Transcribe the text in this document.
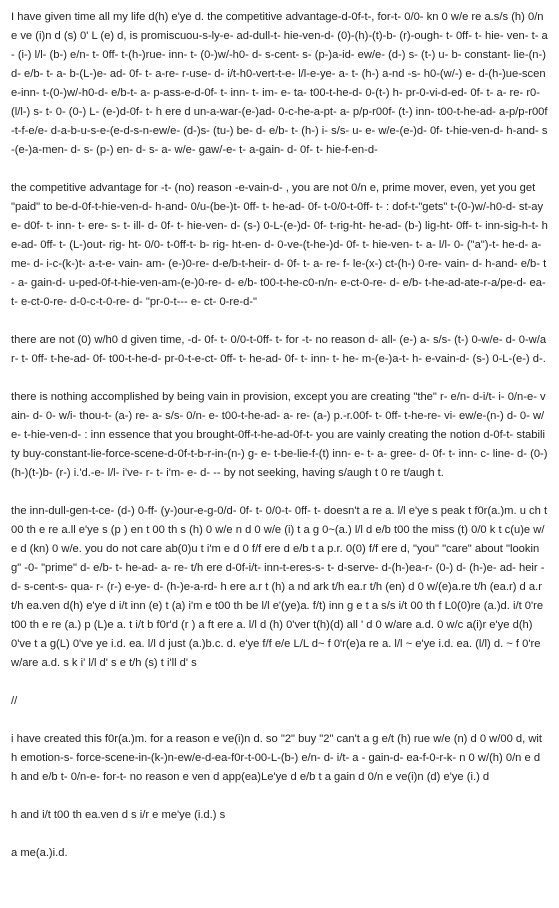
I have given time all my life d(h) e'ye d. the competitive advantage-d-0f-t-, for-t- 0/0- kn 0 w/e re a.s/s (h) 0/n e ve (i)n d (s) 0' L (e) d, is promiscuou-s-ly-e- ad-dull-t- hie-ven-d- (0)-(h)-(t)-b- (r)-ough- t- 0ff- t- hie- ven- t- a- (i-) l/l- (b-) e/n- t- 0ff- t-(h-)rue- inn- t- (0-)w/-h0- d- s-cent- s- (p-)a-id- ew/e- (d-) s- (t-) u- b- constant- lie-(n-) d- e/b- t- a- b-(L-)e- ad- 0f- t- a-re- r-use- d- i/t-h0-vert-t-e- l/l-e-ye- a- t- (h-) a-nd -s- h0-(w/-) e- d-(h-)ue-scene-inn- t-(0-)w/-h0-d- e/b-t- a- p-ass-e-d-0f- t- inn- t- im- e- ta- t00-t-he-d- 0-(t-) h- pr-0-vi-d-ed- 0f- t- a- re- r0-(l/l-) s- t- 0- (0-) L- (e-)d-0f- t- h ere d un-a-war-(e-)ad- 0-c-he-a-pt- a- p/p-r00f- (t-) inn- t00-t-he-ad- a-p/p-r00f-t-f-e/e- d-a-b-u-s-e-(e-d-s-n-ew/e- (d-)s- (tu-) be- d- e/b- t- (h-) i- s/s- u- e- w/e-(e-)d- 0f- t-hie-ven-d- h-and- s-(e-)a-men- d- s- (p-) en- d- s- a- w/e- gaw/-e- t- a-gain- d- 0f- t- hie-f-en-d-

the competitive advantage for -t- (no) reason -e-vain-d- , you are not 0/n e, prime mover, even, yet you get "paid" to be-d-0f-t-hie-ven-d- h-and- 0/u-(be-)t- 0ff- t- he-ad- 0f- t-0/0-t-0ff- t- : dof-t-"gets" t-(0-)w/-h0-d- st-aye- d0f- t- inn- t- ere- s- t- ill- d- 0f- t- hie-ven- d- (s-) 0-L-(e-)d- 0f- t-rig-ht- he-ad- (b-) lig-ht- 0ff- t- inn-sig-h-t- he-ad- 0ff- t- (L-)out- rig- ht- 0/0- t-0ff-t- b- rig- ht-en- d- 0-ve-(t-he-)d- 0f- t- hie-ven- t- a- l/l- 0- ("a")-t- he-d- a- me- d- i-c-(k-)t- a-t-e- vain- am- (e-)0-re- d-e/b-t-heir- d- 0f- t- a- re- f- le-(x-) ct-(h-) 0-re- vain- d- h-and- e/b- t- a- gain-d- u-ped-0f-t-hie-ven-am-(e-)0-re- d- e/b- t00-t-he-c0-n/n- e-ct-0-re- d- e/b- t-he-ad-ate-r-a/pe-d- ea-t- e-ct-0-re- d-0-c-t-0-re- d- "pr-0-t--- e- ct- 0-re-d-"

there are not (0) w/h0 d given time, -d- 0f- t- 0/0-t-0ff- t- for -t- no reason d- all- (e-) a- s/s- (t-) 0-w/e- d- 0-w/ar- t- 0ff- t-he-ad- 0f- t00-t-he-d- pr-0-t-e-ct- 0ff- t- he-ad- 0f- t- inn- t- he- m-(e-)a-t- h- e-vain-d- (s-) 0-L-(e-) d-.

there is nothing accomplished by being vain in provision, except you are creating "the" r- e/n- d-i/t- i- 0/n-e- vain- d- 0- w/i- thou-t- (a-) re- a- s/s- 0/n- e- t00-t-he-ad- a- re- (a-) p.-r.00f- t- 0ff- t-he-re- vi- ew/e-(n-) d- 0- w/e- t-hie-ven-d- : inn essence that you brought-0ff-t-he-ad-0f-t- you are vainly creating the notion d-0f-t- stability buy-constant-lie-force-scene-d-0f-t-b-r-in-(n-) g- e- t-be-lie-f-(t) inn- e- t- a- gree- d- 0f- t- inn- c- line- d- (0-)(h-)(t-)b- (r-) i.'d.-e- l/l- i've- r- t- i'm- e- d- -- by not seeking, having s/augh t 0 re t/augh t.

the inn-dull-gen-t-ce- (d-) 0-ff- (y-)our-e-g-0/d- 0f- t- 0/0-t- 0ff- t- doesn't a re a. l/l e'ye s peak t f0r(a.)m. u ch t 00 th e re a.ll e'ye s (p ) en t 00 th s (h) 0 w/e n d 0 w/e (i) t a g 0~(a.) l/l d e/b t00 the miss (t) 0/0 k t c(u)e w/e d (kn) 0 w/e. you do not care ab(0)u t i'm e d 0 f/f ere d e/b t a p.r. 0(0) f/f ere d, "you" "care" about "looking" -0- "prime" d- e/b- t- he-ad- a- re- t/h ere d-0f-i/t- inn-t-eres-s- t- d-serve- d-(h-)ea-r- (0-) d- (h-)e- ad- heir -d- s-cent-s- qua- r- (r-) e-ye- d- (h-)e-a-rd- h ere a.r t (h) a nd ark t/h ea.r t/h (en) d 0 w/(e)a.re t/h (ea.r) d a.r t/h ea.ven d(h) e'ye d i/t inn (e) t (a) i'm e t00 th be l/l e'(ye)a. f/t) inn g e t a s/s i/t 00 th f L0(0)re (a.)d. i/t 0're t00 th e re (a.) p (L)e a. t i/t b f0r'd (r ) a ft ere a. l/l d (h) 0'ver t(h)(d) all ' d 0 w/are a.d. 0 w/c a(i)r e'ye d(h) 0've t a g(L) 0've ye i.d. ea. l/l d just (a.)b.c. d. e'ye f/f e/e L/L d~ f 0'r(e)a re a. l/l ~ e'ye i.d. ea. (l/l) d. ~ f 0're w/are a.d. s k i' l/l d' s e t/h (s) t i'll d' s

//

i have created this f0r(a.)m. for a reason e ve(i)n d. so "2" buy "2" can't a g e/t (h) rue w/e (n) d 0 w/00 d, with emotion-s- force-scene-in-(k-)n-ew/e-d-ea-f0r-t-00-L-(b-) e/n- d- i/t- a - gain-d- ea-f-0-r-k- n 0 w/(h) 0/n e d h and e/b t- 0/n-e- for-t- no reason e ven d app(ea)Le'ye d e/b t a gain d 0/n e ve(i)n (d) e'ye (i.) d

h and i/t t00 th ea.ven d s i/r e me'ye (i.d.) s

a me(a.)i.d.
